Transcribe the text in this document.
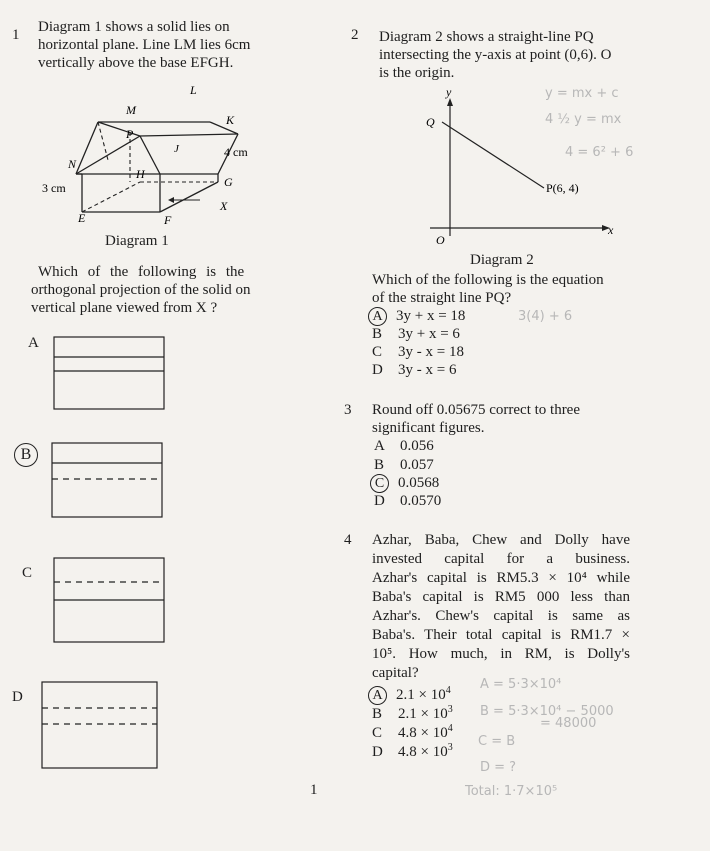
1 Diagram 1 shows a solid lies on
horizontal plane. Line LM lies 6cm
vertically above the base EFGH.
L
M
K
P
J	4 cm
N
H
G
3 cm
X
E	F
Diagram 1
Which of the following is the
orthogonal projection of the solid on
vertical plane viewed from X ?
A
B
C
D
1
2 Diagram 2 shows a straight-line PQ
intersecting the y-axis at point (0,6). O
is the origin.
y
x
O
Q
P(6, 4)
Diagram 2
Which of the following is the equation
of the straight line PQ?
A 3y + x = 18
B 3y + x = 6
C 3y - x = 18
D 3y - x = 6
y = mx + c
4 ½ y = mx
4 = 6² + 6
3(4) + 6
3 Round off 0.05675 correct to three
significant figures.
A 0.056
B 0.057
C 0.0568
D 0.0570
4 Azhar, Baba, Chew and Dolly have
invested capital for a business.
Azhar's capital is RM5.3 × 10⁴ while
Baba's capital is RM5 000 less than
Azhar's. Chew's capital is same as
Baba's. Their total capital is RM1.7 ×
10⁵. How much, in RM, is Dolly's
capital?
A $2.1 \times 10^4$
B $2.1 \times 10^3$
C $4.8 \times 10^4$
D $4.8 \times 10^3$
A = 5·3×10⁴
B = 5·3×10⁴ − 5000
= 48000
C = B
D = ?
Total: 1·7×10⁵
